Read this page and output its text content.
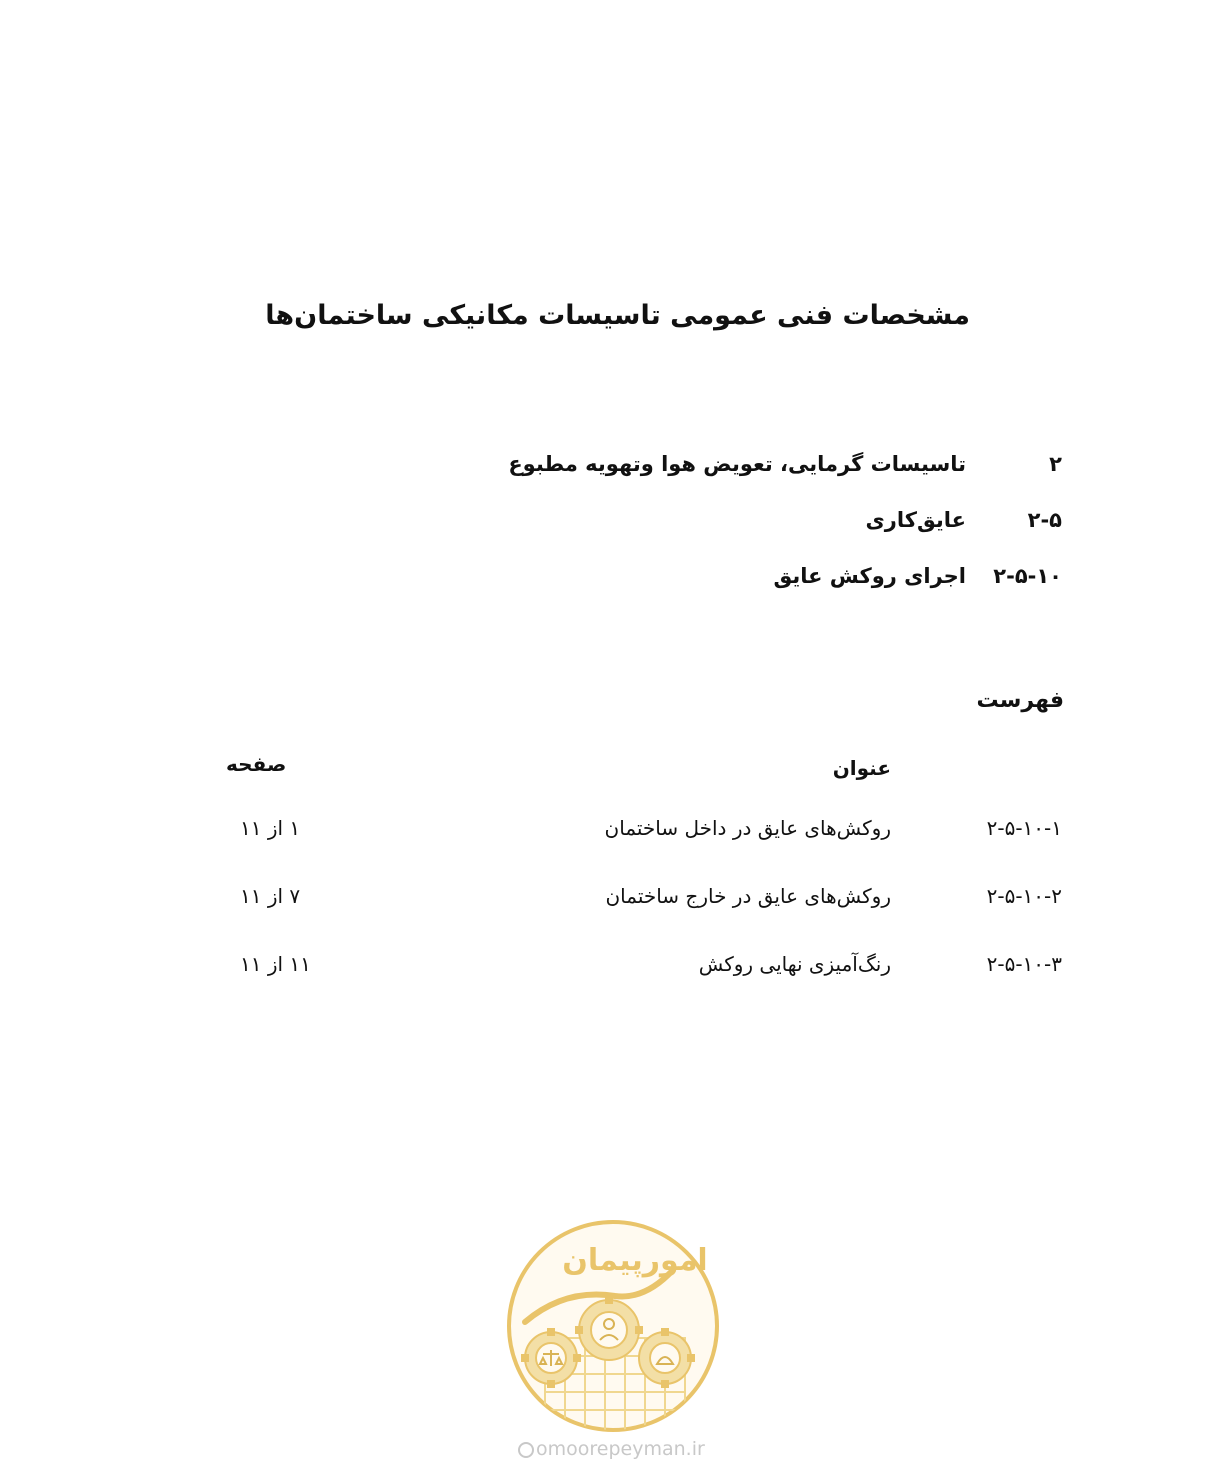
مشخصات فنی عمومی تاسیسات مکانیکی ساختمان‌ها
۲
تاسیسات گرمایی، تعویض هوا وتهویه مطبوع
۲-۵
عایق‌کاری
۲-۵-۱۰
اجرای روکش عایق
فهرست
عنوان
صفحه
۲-۵-۱۰-۱
روکش‌های عایق در داخل ساختمان
۱ از ۱۱
۲-۵-۱۰-۲
روکش‌های عایق در خارج ساختمان
۷ از ۱۱
۲-۵-۱۰-۳
رنگ‌آمیزی نهایی روکش
۱۱ از ۱۱
امورپیمان
omoorepeyman.ir
